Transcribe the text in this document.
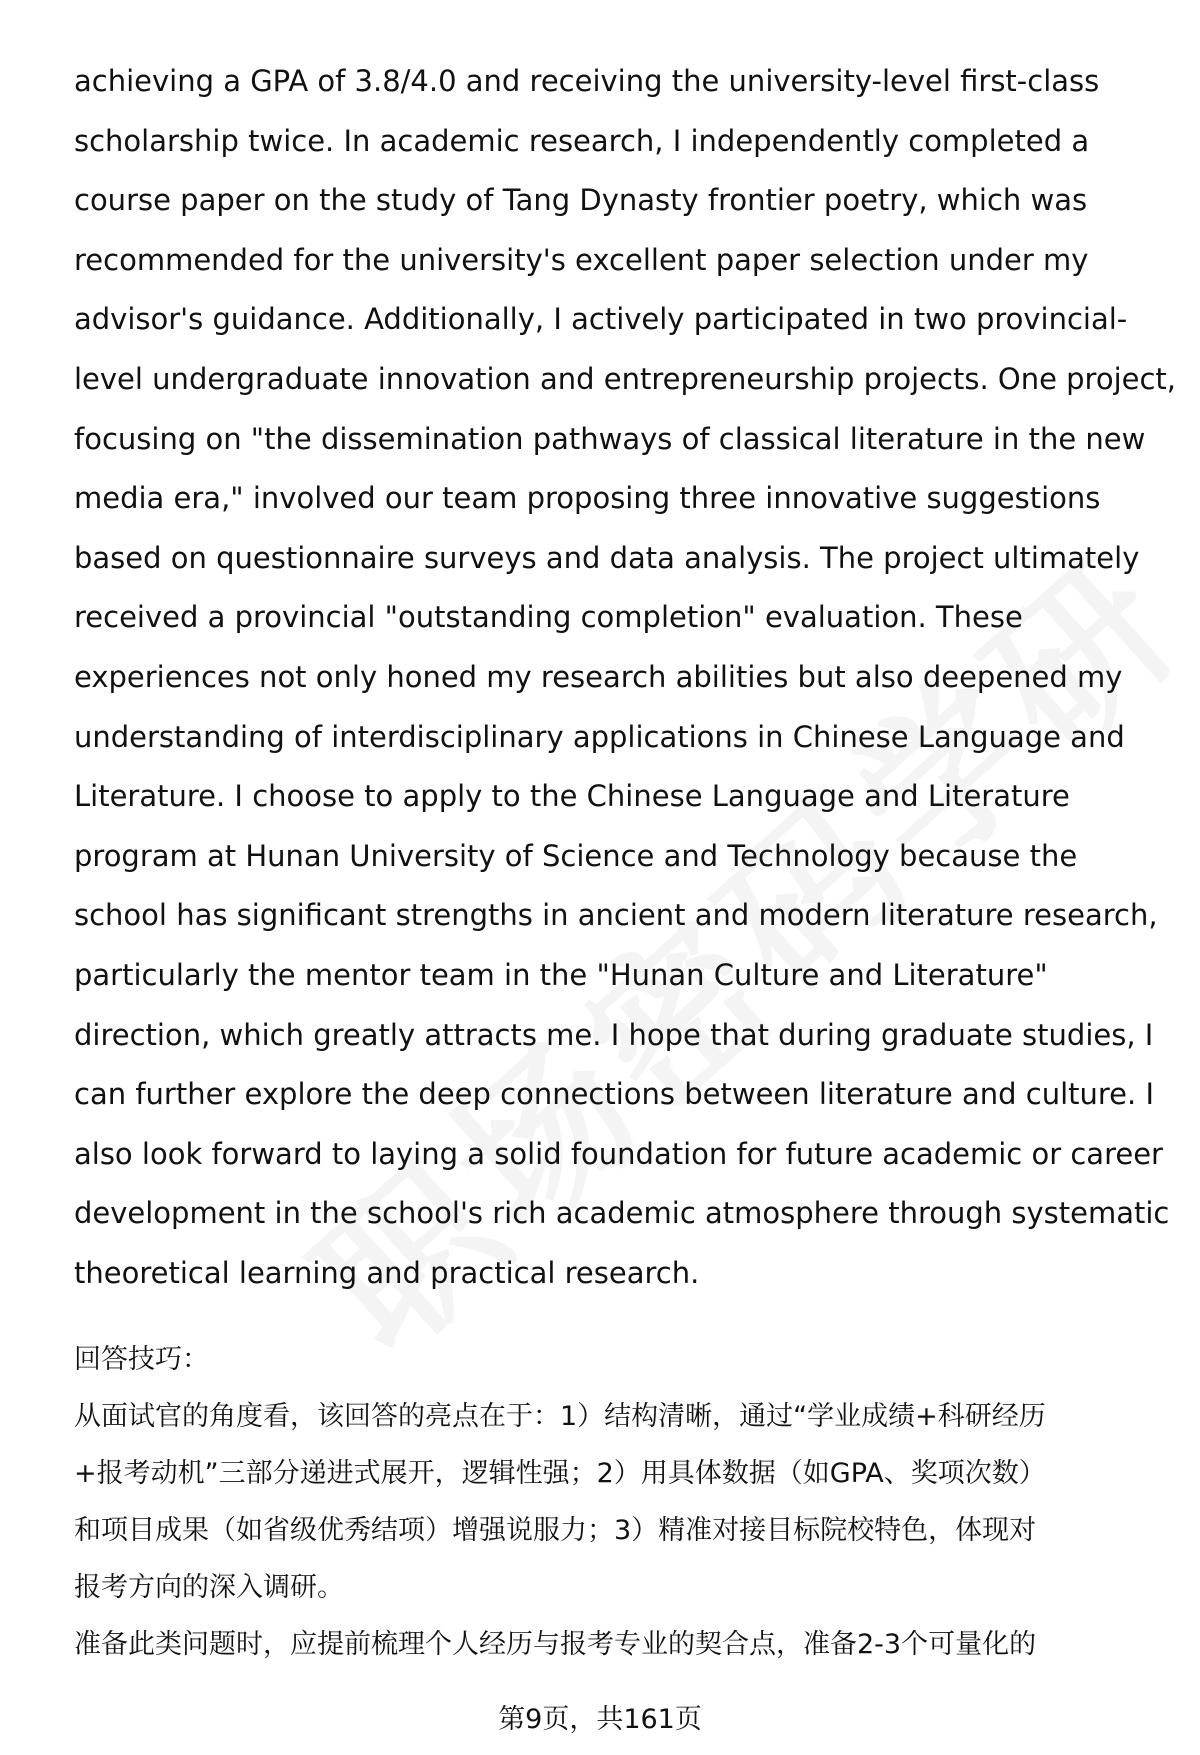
achieving a GPA of 3.8/4.0 and receiving the university-level first-class
scholarship twice. In academic research, I independently completed a
course paper on the study of Tang Dynasty frontier poetry, which was
recommended for the university's excellent paper selection under my
advisor's guidance. Additionally, I actively participated in two provincial-
level undergraduate innovation and entrepreneurship projects. One project,
focusing on "the dissemination pathways of classical literature in the new
media era," involved our team proposing three innovative suggestions
based on questionnaire surveys and data analysis. The project ultimately
received a provincial "outstanding completion" evaluation. These
experiences not only honed my research abilities but also deepened my
understanding of interdisciplinary applications in Chinese Language and
Literature. I choose to apply to the Chinese Language and Literature
program at Hunan University of Science and Technology because the
school has significant strengths in ancient and modern literature research,
particularly the mentor team in the "Hunan Culture and Literature"
direction, which greatly attracts me. I hope that during graduate studies, I
can further explore the deep connections between literature and culture. I
also look forward to laying a solid foundation for future academic or career
development in the school's rich academic atmosphere through systematic
theoretical learning and practical research.
回答技巧：
从面试官的角度看，该回答的亮点在于：1）结构清晰，通过“学业成绩+科研经历
+报考动机”三部分递进式展开，逻辑性强；2）用具体数据（如GPA、奖项次数）
和项目成果（如省级优秀结项）增强说服力；3）精准对接目标院校特色，体现对
报考方向的深入调研。
准备此类问题时，应提前梳理个人经历与报考专业的契合点，准备2-3个可量化的
第9页，共161页
